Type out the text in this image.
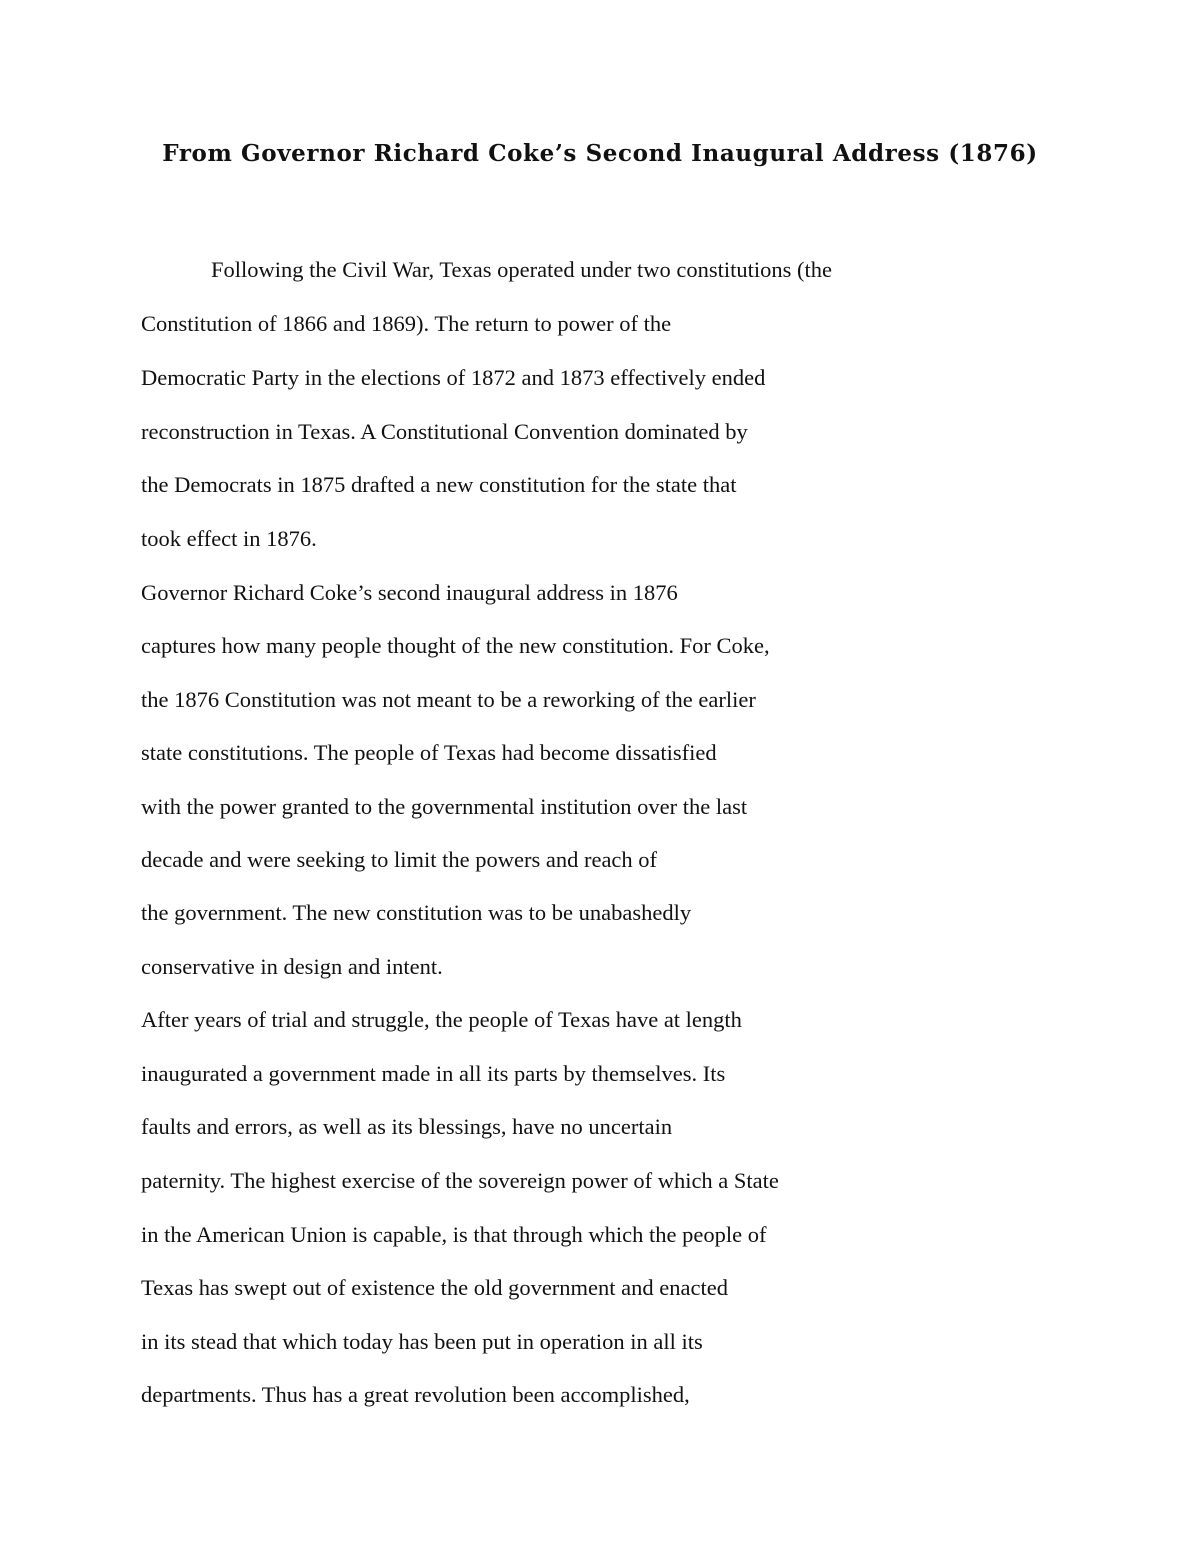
From Governor Richard Coke’s Second Inaugural Address (1876)
Following the Civil War, Texas operated under two constitutions (the
Constitution of 1866 and 1869). The return to power of the
Democratic Party in the elections of 1872 and 1873 effectively ended
reconstruction in Texas. A Constitutional Convention dominated by
the Democrats in 1875 drafted a new constitution for the state that
took effect in 1876.
Governor Richard Coke’s second inaugural address in 1876
captures how many people thought of the new constitution. For Coke,
the 1876 Constitution was not meant to be a reworking of the earlier
state constitutions. The people of Texas had become dissatisfied
with the power granted to the governmental institution over the last
decade and were seeking to limit the powers and reach of
the government. The new constitution was to be unabashedly
conservative in design and intent.
After years of trial and struggle, the people of Texas have at length
inaugurated a government made in all its parts by themselves. Its
faults and errors, as well as its blessings, have no uncertain
paternity. The highest exercise of the sovereign power of which a State
in the American Union is capable, is that through which the people of
Texas has swept out of existence the old government and enacted
in its stead that which today has been put in operation in all its
departments. Thus has a great revolution been accomplished,
